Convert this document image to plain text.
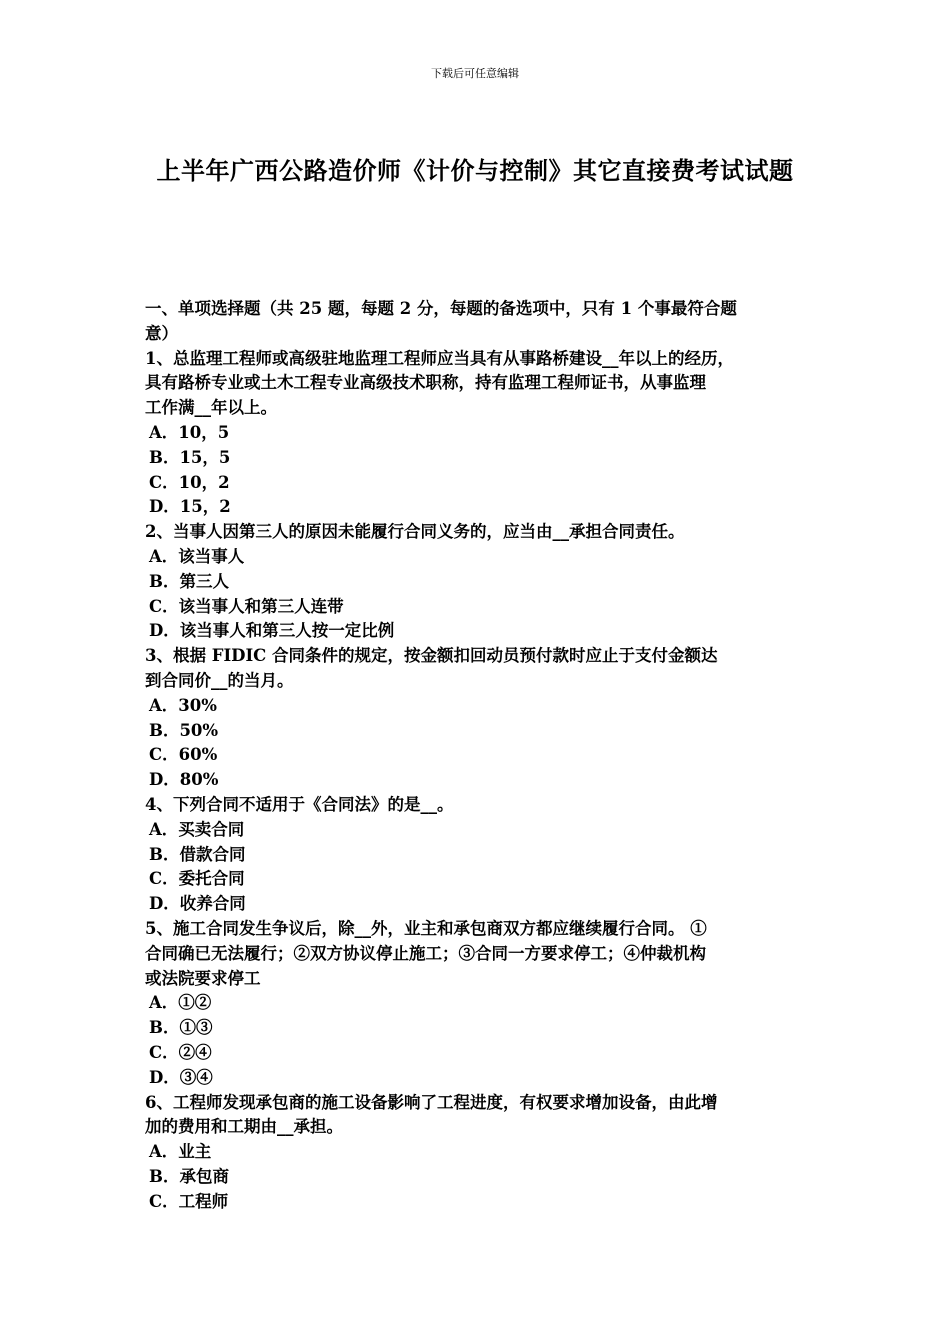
下载后可任意编辑
上半年广西公路造价师《计价与控制》其它直接费考试试题
一、单项选择题（共 25 题，每题 2 分，每题的备选项中，只有 1 个事最符合题
意）
1、总监理工程师或高级驻地监理工程师应当具有从事路桥建设__年以上的经历，
具有路桥专业或土木工程专业高级技术职称，持有监理工程师证书，从事监理
工作满__年以上。
A．10，5
B．15，5
C．10，2
D．15，2
2、当事人因第三人的原因未能履行合同义务的，应当由__承担合同责任。
A．该当事人
B．第三人
C．该当事人和第三人连带
D．该当事人和第三人按一定比例
3、根据 FIDIC 合同条件的规定，按金额扣回动员预付款时应止于支付金额达
到合同价__的当月。
A．30%
B．50%
C．60%
D．80%
4、下列合同不适用于《合同法》的是__。
A．买卖合同
B．借款合同
C．委托合同
D．收养合同
5、施工合同发生争议后，除__外，业主和承包商双方都应继续履行合同。 ①
合同确已无法履行；②双方协议停止施工；③合同一方要求停工；④仲裁机构
或法院要求停工
A．①②
B．①③
C．②④
D．③④
6、工程师发现承包商的施工设备影响了工程进度，有权要求增加设备，由此增
加的费用和工期由__承担。
A．业主
B．承包商
C．工程师
